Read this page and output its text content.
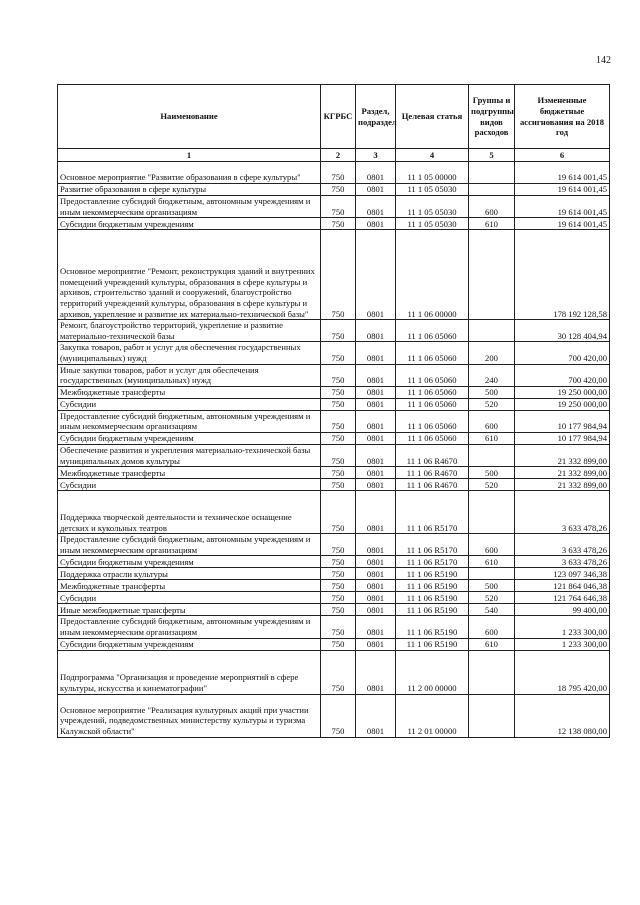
142
Наименование	КГРБС	Раздел, подраздел	Целевая статья	Группы и подгруппы видов расходов	Измененные бюджетные ассигнования на 2018 год
1	2	3	4	5	6
Основное мероприятие "Развитие образования в сфере культуры"	750	0801	11 1 05 00000		19 614 001,45
Развитие образования в сфере культуры	750	0801	11 1 05 05030		19 614 001,45
Предоставление субсидий бюджетным, автономным учреждениям и иным некоммерческим организациям	750	0801	11 1 05 05030	600	19 614 001,45
Субсидии бюджетным учреждениям	750	0801	11 1 05 05030	610	19 614 001,45
Основное мероприятие "Ремонт, реконструкция зданий и внутренних помещений учреждений культуры, образования в сфере культуры и архивов, строительство зданий и сооружений, благоустройство территорий учреждений культуры, образования в сфере культуры и архивов, укрепление и развитие их материально-технической базы"	750	0801	11 1 06 00000		178 192 128,58
Ремонт, благоустройство территорий, укрепление и развитие материально-технической базы	750	0801	11 1 06 05060		30 128 404,94
Закупка товаров, работ и услуг для обеспечения государственных (муниципальных) нужд	750	0801	11 1 06 05060	200	700 420,00
Иные закупки товаров, работ и услуг для обеспечения государственных (муниципальных) нужд	750	0801	11 1 06 05060	240	700 420,00
Межбюджетные трансферты	750	0801	11 1 06 05060	500	19 250 000,00
Субсидии	750	0801	11 1 06 05060	520	19 250 000,00
Предоставление субсидий бюджетным, автономным учреждениям и иным некоммерческим организациям	750	0801	11 1 06 05060	600	10 177 984,94
Субсидии бюджетным учреждениям	750	0801	11 1 06 05060	610	10 177 984,94
Обеспечение развития и укрепления материально-технической базы муниципальных домов культуры	750	0801	11 1 06 R4670		21 332 899,00
Межбюджетные трансферты	750	0801	11 1 06 R4670	500	21 332 899,00
Субсидии	750	0801	11 1 06 R4670	520	21 332 899,00
Поддержка творческой деятельности и техническое оснащение детских и кукольных театров	750	0801	11 1 06 R5170		3 633 478,26
Предоставление субсидий бюджетным, автономным учреждениям и иным некоммерческим организациям	750	0801	11 1 06 R5170	600	3 633 478,26
Субсидии бюджетным учреждениям	750	0801	11 1 06 R5170	610	3 633 478,26
Поддержка отрасли культуры	750	0801	11 1 06 R5190		123 097 346,38
Межбюджетные трансферты	750	0801	11 1 06 R5190	500	121 864 046,38
Субсидии	750	0801	11 1 06 R5190	520	121 764 646,38
Иные межбюджетные трансферты	750	0801	11 1 06 R5190	540	99 400,00
Предоставление субсидий бюджетным, автономным учреждениям и иным некоммерческим организациям	750	0801	11 1 06 R5190	600	1 233 300,00
Субсидии бюджетным учреждениям	750	0801	11 1 06 R5190	610	1 233 300,00
Подпрограмма "Организация и проведение мероприятий в сфере культуры, искусства и кинематографии"	750	0801	11 2 00 00000		18 795 420,00
Основное мероприятие "Реализация культурных акций при участии учреждений, подведомственных министерству культуры и туризма Калужской области"	750	0801	11 2 01 00000		12 138 080,00
